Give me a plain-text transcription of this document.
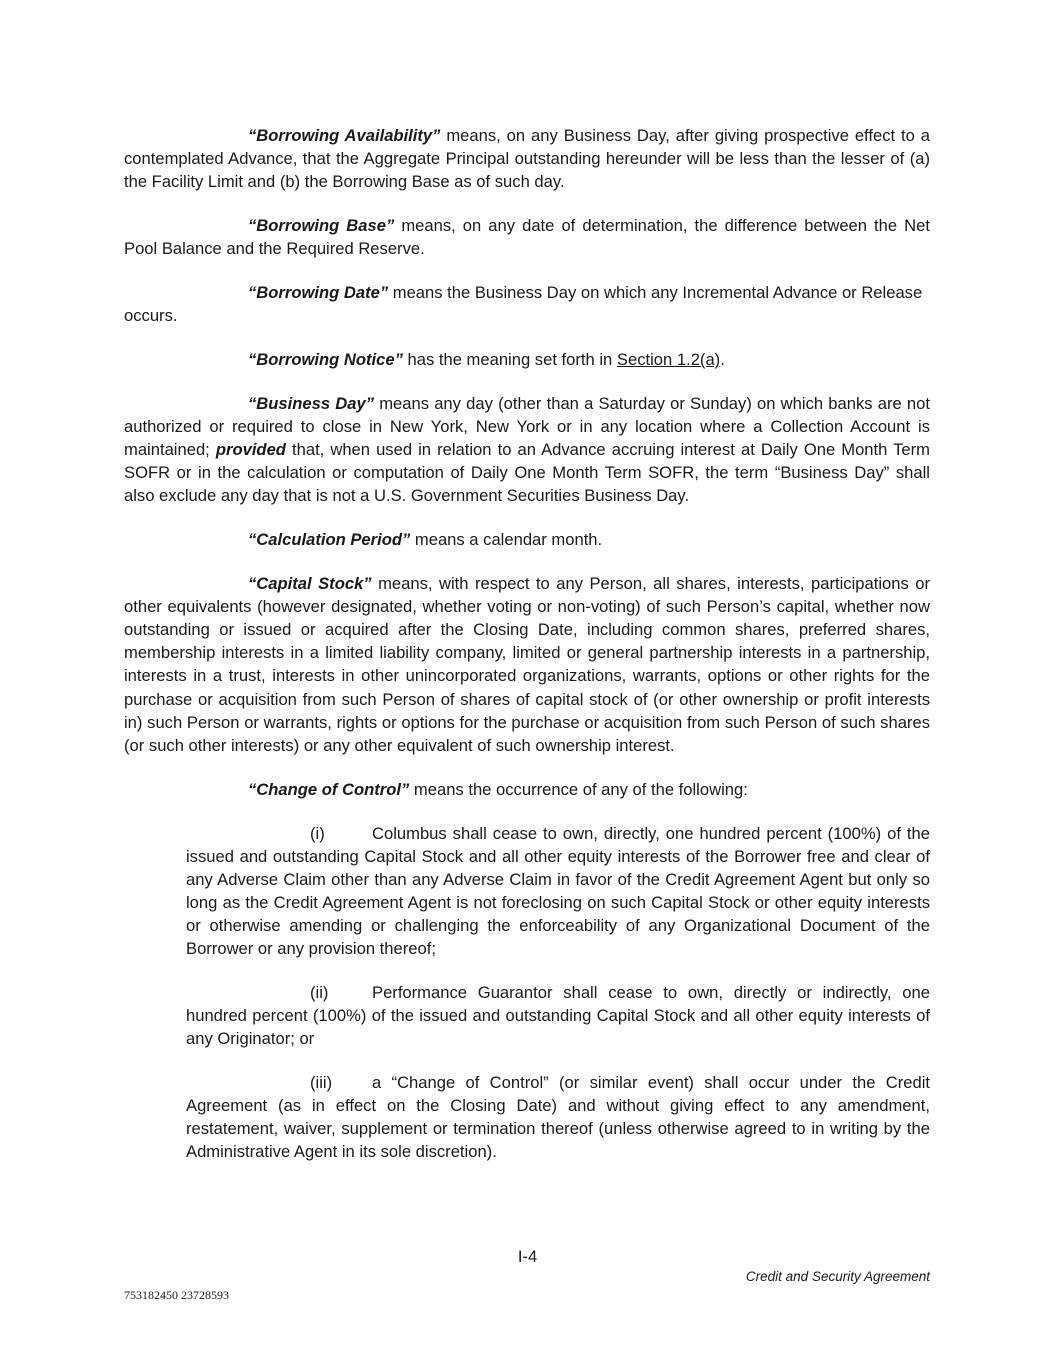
“Borrowing Availability” means, on any Business Day, after giving prospective effect to a contemplated Advance, that the Aggregate Principal outstanding hereunder will be less than the lesser of (a) the Facility Limit and (b) the Borrowing Base as of such day.

“Borrowing Base” means, on any date of determination, the difference between the Net Pool Balance and the Required Reserve.

“Borrowing Date” means the Business Day on which any Incremental Advance or Release
occurs.

“Borrowing Notice” has the meaning set forth in Section 1.2(a).

“Business Day” means any day (other than a Saturday or Sunday) on which banks are not authorized or required to close in New York, New York or in any location where a Collection Account is maintained; provided that, when used in relation to an Advance accruing interest at Daily One Month Term SOFR or in the calculation or computation of Daily One Month Term SOFR, the term “Business Day” shall also exclude any day that is not a U.S. Government Securities Business Day.

“Calculation Period” means a calendar month.

“Capital Stock” means, with respect to any Person, all shares, interests, participations or other equivalents (however designated, whether voting or non-voting) of such Person’s capital, whether now outstanding or issued or acquired after the Closing Date, including common shares, preferred shares, membership interests in a limited liability company, limited or general partnership interests in a partnership, interests in a trust, interests in other unincorporated organizations, warrants, options or other rights for the purchase or acquisition from such Person of shares of capital stock of (or other ownership or profit interests in) such Person or warrants, rights or options for the purchase or acquisition from such Person of such shares (or such other interests) or any other equivalent of such ownership interest.

“Change of Control” means the occurrence of any of the following:

(i)	Columbus shall cease to own, directly, one hundred percent (100%) of the issued and outstanding Capital Stock and all other equity interests of the Borrower free and clear of any Adverse Claim other than any Adverse Claim in favor of the Credit Agreement Agent but only so long as the Credit Agreement Agent is not foreclosing on such Capital Stock or other equity interests or otherwise amending or challenging the enforceability of any Organizational Document of the Borrower or any provision thereof;

(ii)	Performance Guarantor shall cease to own, directly or indirectly, one hundred percent (100%) of the issued and outstanding Capital Stock and all other equity interests of any Originator; or

(iii) a “Change of Control” (or similar event) shall occur under the Credit Agreement (as in effect on the Closing Date) and without giving effect to any amendment, restatement, waiver, supplement or termination thereof (unless otherwise agreed to in writing by the Administrative Agent in its sole discretion).

I-4
Credit and Security Agreement
753182450 23728593
